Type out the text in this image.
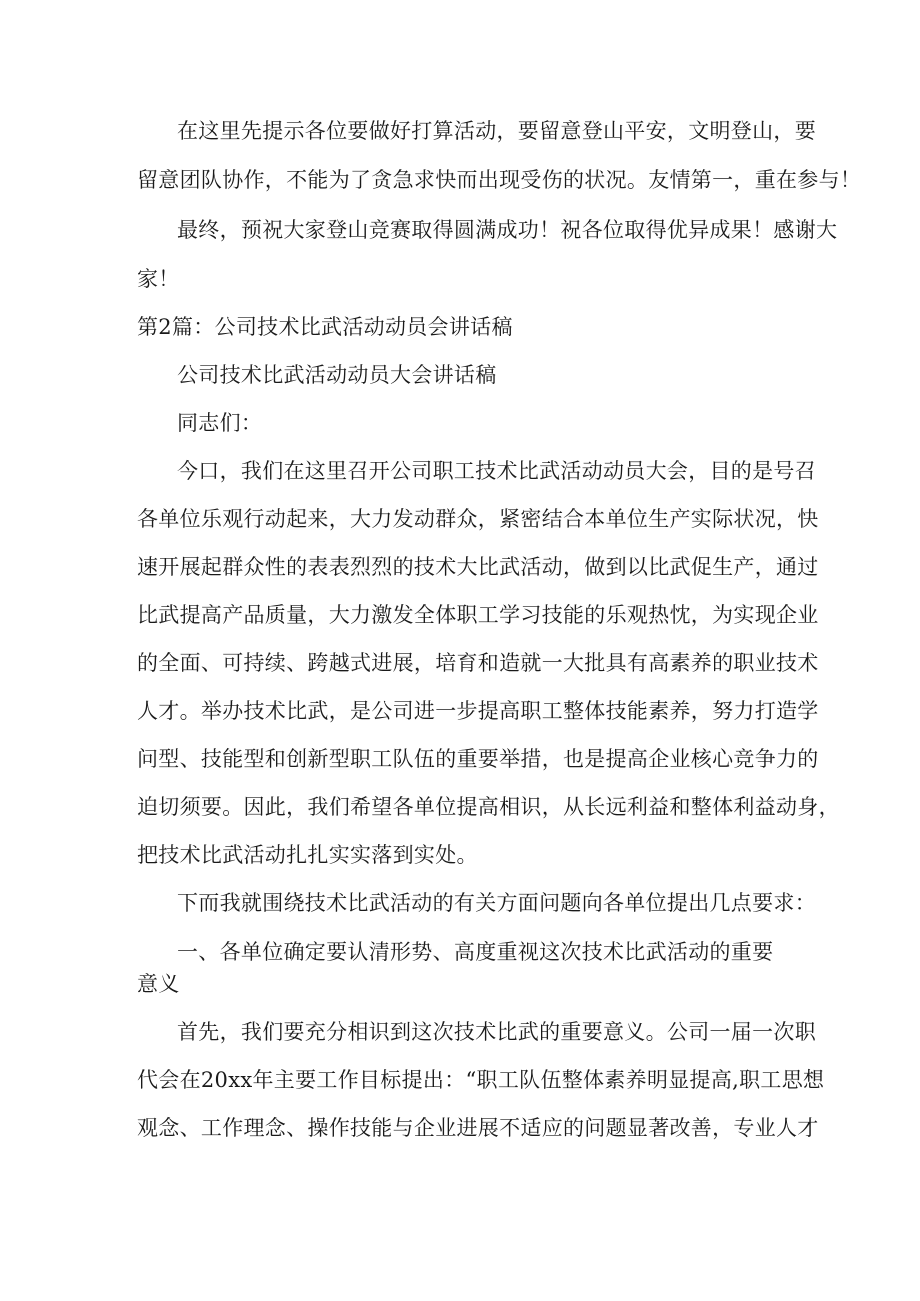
在这里先提示各位要做好打算活动，要留意登山平安，文明登山，要
留意团队协作，不能为了贪急求快而出现受伤的状况。友情第一，重在参与！
最终，预祝大家登山竞赛取得圆满成功！祝各位取得优异成果！感谢大
家！
第2篇：公司技术比武活动动员会讲话稿
公司技术比武活动动员大会讲话稿
同志们：
今口，我们在这里召开公司职工技术比武活动动员大会，目的是号召
各单位乐观行动起来，大力发动群众，紧密结合本单位生产实际状况，快
速开展起群众性的表表烈烈的技术大比武活动，做到以比武促生产，通过
比武提高产品质量，大力激发全体职工学习技能的乐观热忱，为实现企业
的全面、可持续、跨越式进展，培育和造就一大批具有高素养的职业技术
人才。举办技术比武，是公司进一步提高职工整体技能素养，努力打造学
问型、技能型和创新型职工队伍的重要举措，也是提高企业核心竞争力的
迫切须要。因此，我们希望各单位提高相识，从长远利益和整体利益动身，
把技术比武活动扎扎实实落到实处。
下而我就围绕技术比武活动的有关方面问题向各单位提出几点要求：
一、各单位确定要认清形势、高度重视这次技术比武活动的重要
意义
首先，我们要充分相识到这次技术比武的重要意义。公司一届一次职
代会在20xx年主要工作目标提出：“职工队伍整体素养明显提高,职工思想
观念、工作理念、操作技能与企业进展不适应的问题显著改善，专业人才
